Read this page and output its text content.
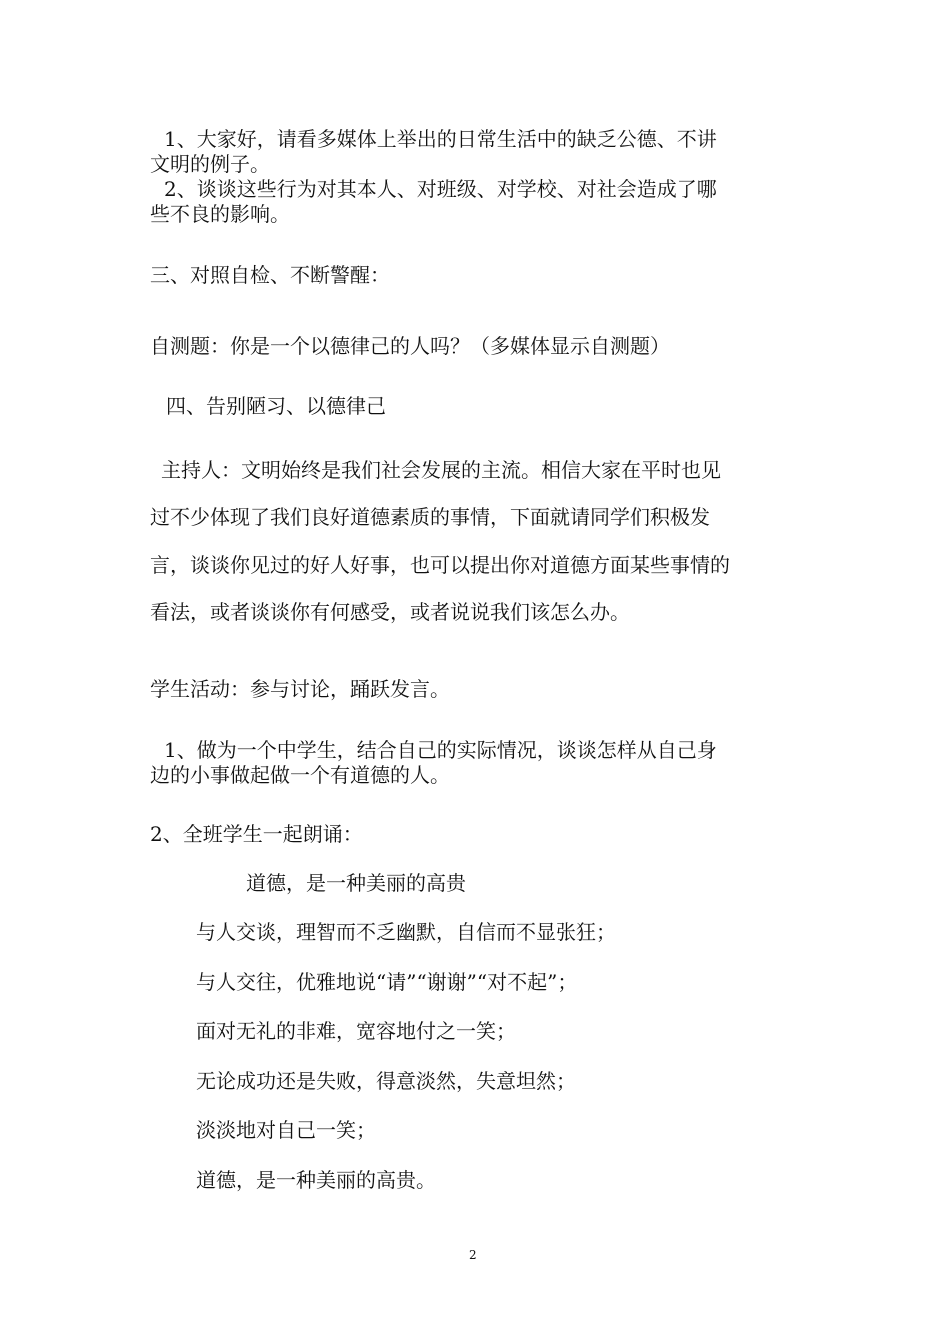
1、大家好，请看多媒体上举出的日常生活中的缺乏公德、不讲
文明的例子。
2、谈谈这些行为对其本人、对班级、对学校、对社会造成了哪
些不良的影响。
三、对照自检、不断警醒：
自测题：你是一个以德律己的人吗？（多媒体显示自测题）
四、告别陋习、以德律己
主持人：文明始终是我们社会发展的主流。相信大家在平时也见
过不少体现了我们良好道德素质的事情，下面就请同学们积极发
言，谈谈你见过的好人好事，也可以提出你对道德方面某些事情的
看法，或者谈谈你有何感受，或者说说我们该怎么办。
学生活动：参与讨论，踊跃发言。
1、做为一个中学生，结合自己的实际情况，谈谈怎样从自己身
边的小事做起做一个有道德的人。
2、全班学生一起朗诵：
道德，是一种美丽的高贵
与人交谈，理智而不乏幽默，自信而不显张狂；
与人交往，优雅地说“请”“谢谢”“对不起”；
面对无礼的非难，宽容地付之一笑；
无论成功还是失败，得意淡然，失意坦然；
淡淡地对自己一笑；
道德，是一种美丽的高贵。
2
